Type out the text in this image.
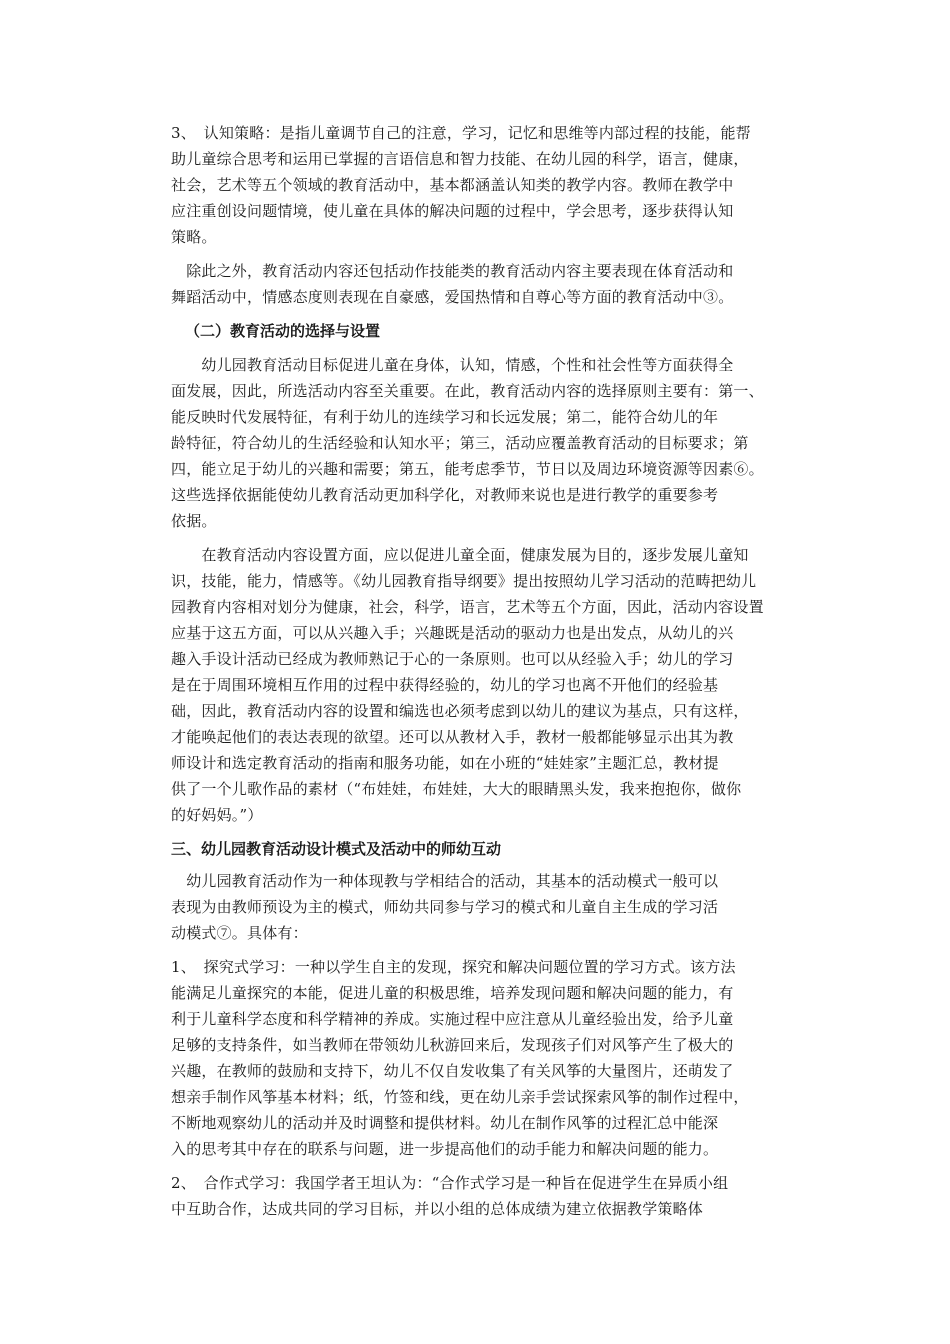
3、　认知策略：是指儿童调节自己的注意，学习，记忆和思维等内部过程的技能，能帮
助儿童综合思考和运用已掌握的言语信息和智力技能、在幼儿园的科学，语言，健康，
社会，艺术等五个领域的教育活动中，基本都涵盖认知类的教学内容。教师在教学中
应注重创设问题情境，使儿童在具体的解决问题的过程中，学会思考，逐步获得认知
策略。
　除此之外，教育活动内容还包括动作技能类的教育活动内容主要表现在体育活动和
舞蹈活动中，情感态度则表现在自豪感，爱国热情和自尊心等方面的教育活动中③。
（二）教育活动的选择与设置
　　幼儿园教育活动目标促进儿童在身体，认知，情感，个性和社会性等方面获得全
面发展，因此，所选活动内容至关重要。在此，教育活动内容的选择原则主要有：第一、
能反映时代发展特征，有利于幼儿的连续学习和长远发展；第二，能符合幼儿的年
龄特征，符合幼儿的生活经验和认知水平；第三，活动应覆盖教育活动的目标要求；第
四，能立足于幼儿的兴趣和需要；第五，能考虑季节，节日以及周边环境资源等因素⑥。
这些选择依据能使幼儿教育活动更加科学化，对教师来说也是进行教学的重要参考
依据。
　　在教育活动内容设置方面，应以促进儿童全面，健康发展为目的，逐步发展儿童知
识，技能，能力，情感等。《幼儿园教育指导纲要》提出按照幼儿学习活动的范畴把幼儿
园教育内容相对划分为健康，社会，科学，语言，艺术等五个方面，因此，活动内容设置
应基于这五方面，可以从兴趣入手；兴趣既是活动的驱动力也是出发点，从幼儿的兴
趣入手设计活动已经成为教师熟记于心的一条原则。也可以从经验入手；幼儿的学习
是在于周围环境相互作用的过程中获得经验的，幼儿的学习也离不开他们的经验基
础，因此，教育活动内容的设置和编选也必须考虑到以幼儿的建议为基点，只有这样，
才能唤起他们的表达表现的欲望。还可以从教材入手，教材一般都能够显示出其为教
师设计和选定教育活动的指南和服务功能，如在小班的“娃娃家”主题汇总，教材提
供了一个儿歌作品的素材（“布娃娃，布娃娃，大大的眼睛黑头发，我来抱抱你，做你
的好妈妈。”）
三、幼儿园教育活动设计模式及活动中的师幼互动
　幼儿园教育活动作为一种体现教与学相结合的活动，其基本的活动模式一般可以
表现为由教师预设为主的模式，师幼共同参与学习的模式和儿童自主生成的学习活
动模式⑦。具体有：
1、　探究式学习：一种以学生自主的发现，探究和解决问题位置的学习方式。该方法
能满足儿童探究的本能，促进儿童的积极思维，培养发现问题和解决问题的能力，有
利于儿童科学态度和科学精神的养成。实施过程中应注意从儿童经验出发，给予儿童
足够的支持条件，如当教师在带领幼儿秋游回来后，发现孩子们对风筝产生了极大的
兴趣，在教师的鼓励和支持下，幼儿不仅自发收集了有关风筝的大量图片，还萌发了
想亲手制作风筝基本材料；纸，竹签和线，更在幼儿亲手尝试探索风筝的制作过程中，
不断地观察幼儿的活动并及时调整和提供材料。幼儿在制作风筝的过程汇总中能深
入的思考其中存在的联系与问题，进一步提高他们的动手能力和解决问题的能力。
2、　合作式学习：我国学者王坦认为：“合作式学习是一种旨在促进学生在异质小组
中互助合作，达成共同的学习目标，并以小组的总体成绩为建立依据教学策略体
